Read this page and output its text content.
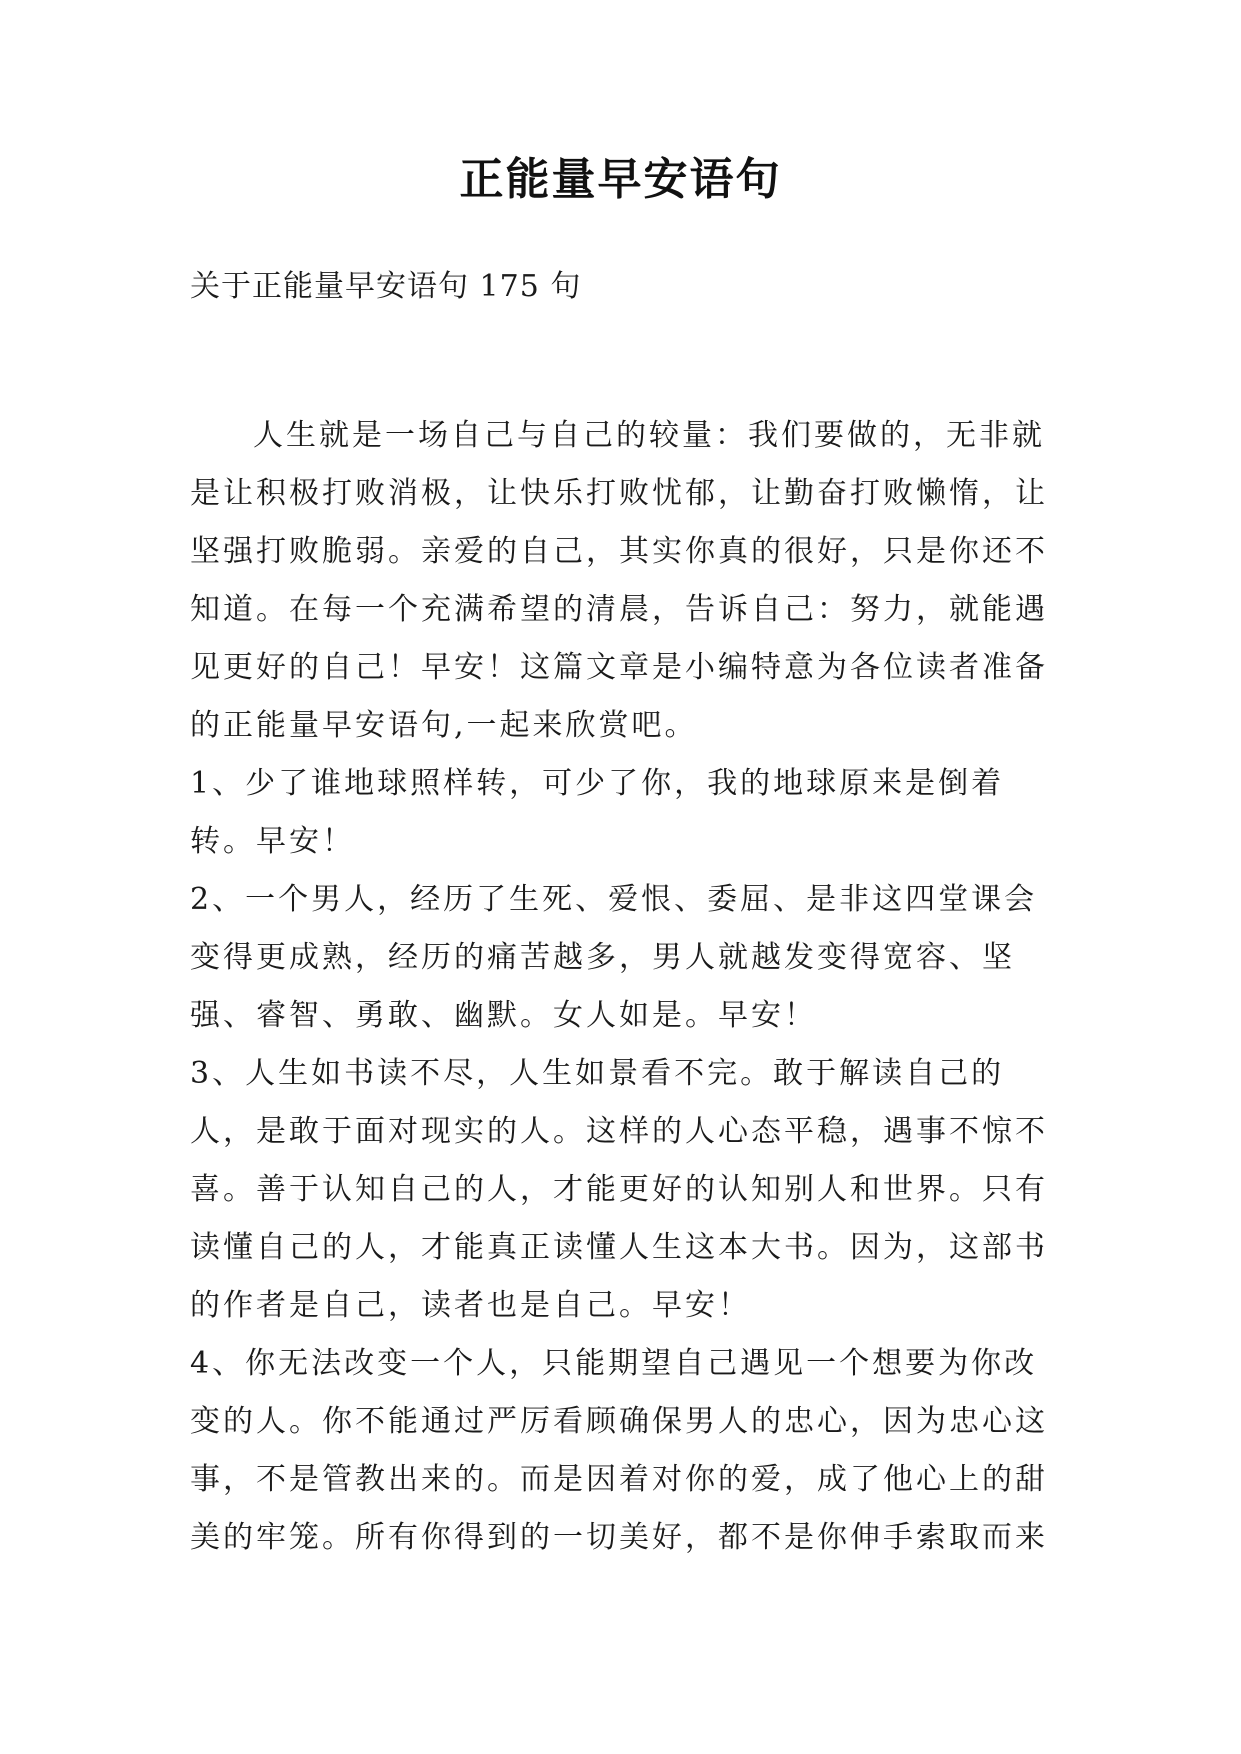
正能量早安语句
关于正能量早安语句 175 句

人生就是一场自己与自己的较量：我们要做的，无非就是让积极打败消极，让快乐打败忧郁，让勤奋打败懒惰，让坚强打败脆弱。亲爱的自己，其实你真的很好，只是你还不知道。在每一个充满希望的清晨，告诉自己：努力，就能遇见更好的自己！早安！这篇文章是小编特意为各位读者准备的正能量早安语句,一起来欣赏吧。

1、少了谁地球照样转，可少了你，我的地球原来是倒着转。早安！

2、一个男人，经历了生死、爱恨、委屈、是非这四堂课会变得更成熟，经历的痛苦越多，男人就越发变得宽容、坚强、睿智、勇敢、幽默。女人如是。早安！

3、人生如书读不尽，人生如景看不完。敢于解读自己的人，是敢于面对现实的人。这样的人心态平稳，遇事不惊不喜。善于认知自己的人，才能更好的认知别人和世界。只有读懂自己的人，才能真正读懂人生这本大书。因为，这部书的作者是自己，读者也是自己。早安！

4、你无法改变一个人，只能期望自己遇见一个想要为你改变的人。你不能通过严厉看顾确保男人的忠心，因为忠心这事，不是管教出来的。而是因着对你的爱，成了他心上的甜美的牢笼。所有你得到的一切美好，都不是你伸手索取而来
